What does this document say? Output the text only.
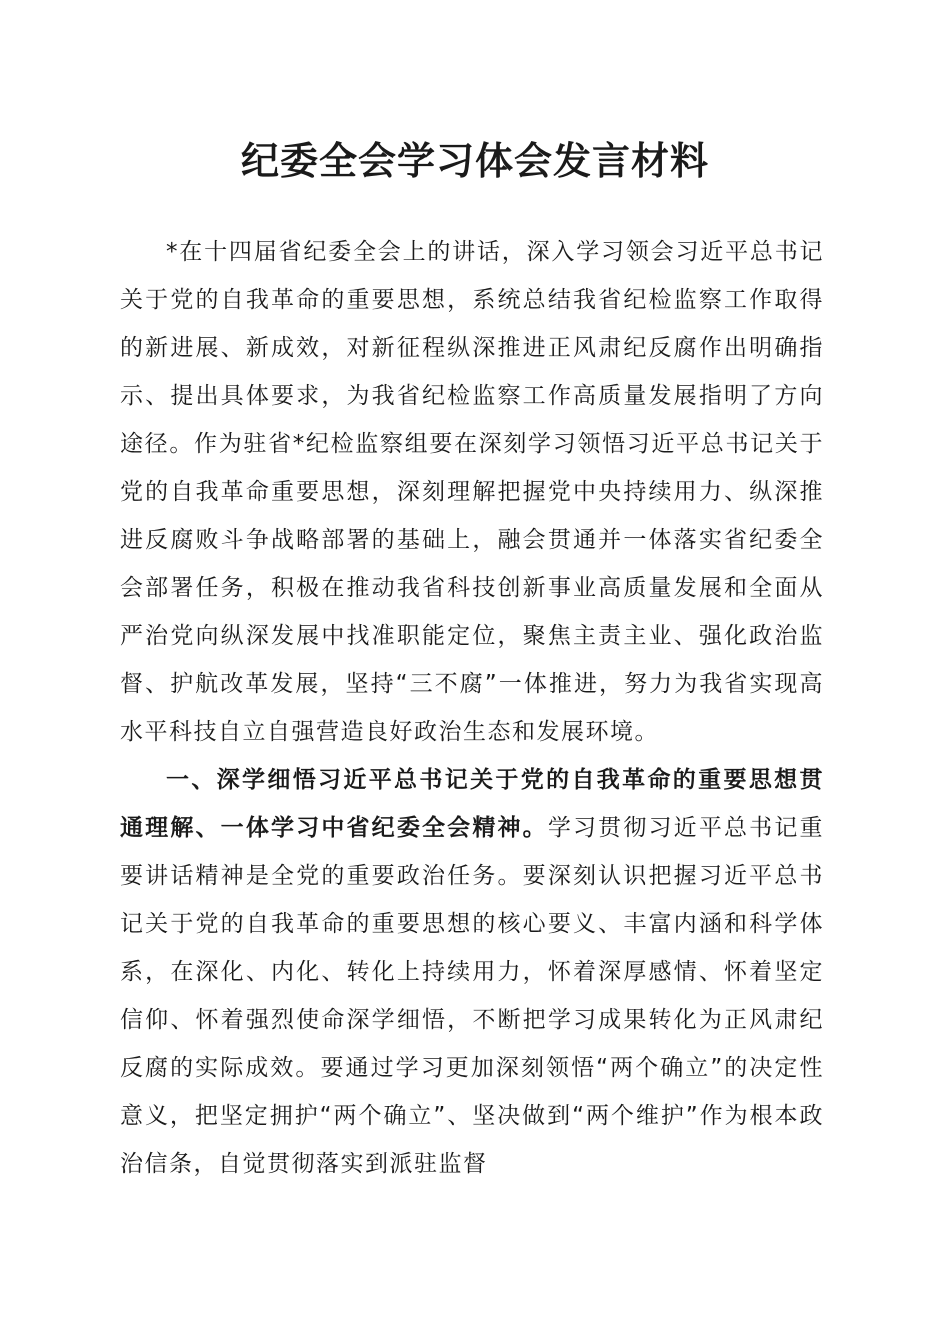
纪委全会学习体会发言材料

*在十四届省纪委全会上的讲话，深入学习领会习近平总书记关于党的自我革命的重要思想，系统总结我省纪检监察工作取得的新进展、新成效，对新征程纵深推进正风肃纪反腐作出明确指示、提出具体要求，为我省纪检监察工作高质量发展指明了方向途径。作为驻省*纪检监察组要在深刻学习领悟习近平总书记关于党的自我革命重要思想，深刻理解把握党中央持续用力、纵深推进反腐败斗争战略部署的基础上，融会贯通并一体落实省纪委全会部署任务，积极在推动我省科技创新事业高质量发展和全面从严治党向纵深发展中找准职能定位，聚焦主责主业、强化政治监督、护航改革发展，坚持“三不腐”一体推进，努力为我省实现高水平科技自立自强营造良好政治生态和发展环境。

一、深学细悟习近平总书记关于党的自我革命的重要思想贯通理解、一体学习中省纪委全会精神。学习贯彻习近平总书记重要讲话精神是全党的重要政治任务。要深刻认识把握习近平总书记关于党的自我革命的重要思想的核心要义、丰富内涵和科学体系，在深化、内化、转化上持续用力，怀着深厚感情、怀着坚定信仰、怀着强烈使命深学细悟，不断把学习成果转化为正风肃纪反腐的实际成效。要通过学习更加深刻领悟“两个确立”的决定性意义，把坚定拥护“两个确立”、坚决做到“两个维护”作为根本政治信条，自觉贯彻落实到派驻监督
